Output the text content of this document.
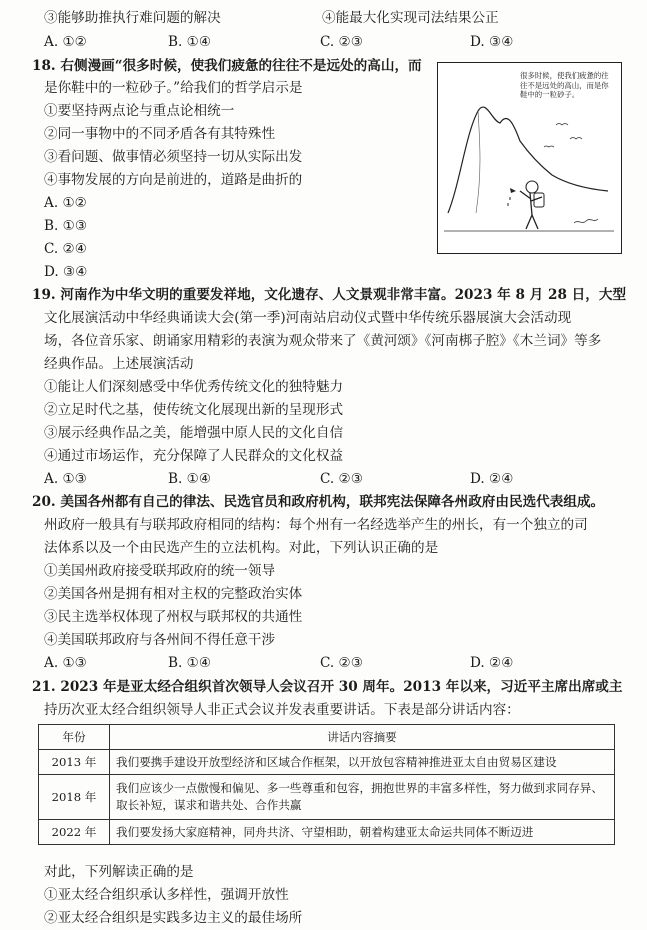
③能够助推执行难问题的解决	④能最大化实现司法结果公正
A. ①②	B. ①④	C. ②③	D. ③④
18. 右侧漫画“很多时候，使我们疲惫的往往不是远处的高山，而
是你鞋中的一粒砂子。”给我们的哲学启示是
①要坚持两点论与重点论相统一
②同一事物中的不同矛盾各有其特殊性
③看问题、做事情必须坚持一切从实际出发
④事物发展的方向是前进的，道路是曲折的
A. ①②
B. ①③
C. ②④
D. ③④
很多时候，使我们疲惫的往往不是远处的高山，而是你鞋中的一粒砂子。
19. 河南作为中华文明的重要发祥地，文化遗存、人文景观非常丰富。2023 年 8 月 28 日，大型
文化展演活动中华经典诵读大会(第一季)河南站启动仪式暨中华传统乐器展演大会活动现
场，各位音乐家、朗诵家用精彩的表演为观众带来了《黄河颂》《河南梆子腔》《木兰词》等多
经典作品。上述展演活动
①能让人们深刻感受中华优秀传统文化的独特魅力
②立足时代之基，使传统文化展现出新的呈现形式
③展示经典作品之美，能增强中原人民的文化自信
④通过市场运作，充分保障了人民群众的文化权益
A. ①③	B. ①④	C. ②③	D. ②④
20. 美国各州都有自己的律法、民选官员和政府机构，联邦宪法保障各州政府由民选代表组成。
州政府一般具有与联邦政府相同的结构：每个州有一名经选举产生的州长，有一个独立的司
法体系以及一个由民选产生的立法机构。对此，下列认识正确的是
①美国州政府接受联邦政府的统一领导
②美国各州是拥有相对主权的完整政治实体
③民主选举权体现了州权与联邦权的共通性
④美国联邦政府与各州间不得任意干涉
A. ①③	B. ①④	C. ②③	D. ②④
21. 2023 年是亚太经合组织首次领导人会议召开 30 周年。2013 年以来，习近平主席出席或主
持历次亚太经合组织领导人非正式会议并发表重要讲话。下表是部分讲话内容：
年份	讲话内容摘要
2013 年	我们要携手建设开放型经济和区域合作框架，以开放包容精神推进亚太自由贸易区建设
2018 年	我们应该少一点傲慢和偏见、多一些尊重和包容，拥抱世界的丰富多样性，努力做到求同存异、取长补短，谋求和谐共处、合作共赢
2022 年	我们要发扬大家庭精神，同舟共济、守望相助，朝着构建亚太命运共同体不断迈进
对此，下列解读正确的是
①亚太经合组织承认多样性，强调开放性
②亚太经合组织是实践多边主义的最佳场所
